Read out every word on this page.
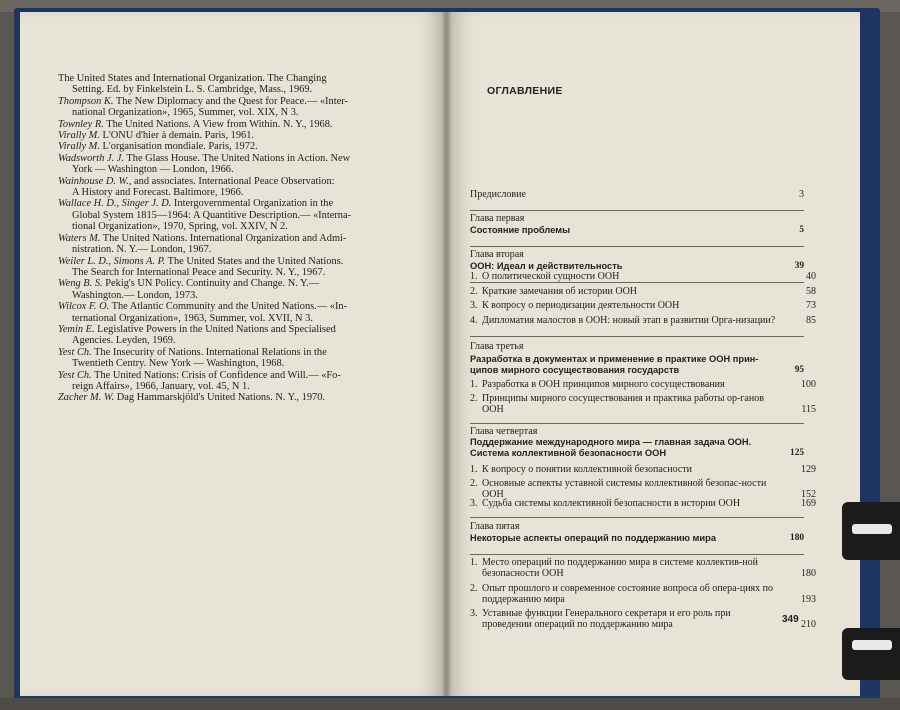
The United States and International Organization. The Changing
Setting. Ed. by Finkelstein L. S. Cambridge, Mass., 1969.

Thompson K. The New Diplomacy and the Quest for Peace.— «Inter-
national Organization», 1965, Summer, vol. XIX, N 3.

Townley R. The United Nations. A View from Within. N. Y., 1968.

Virally M. L'ONU d'hier à demain. Paris, 1961.

Virally M. L'organisation mondiale. Paris, 1972.

Wadsworth J. J. The Glass House. The United Nations in Action. New
York — Washington — London, 1966.

Wainhouse D. W., and associates. International Peace Observation:
A History and Forecast. Baltimore, 1966.

Wallace H. D., Singer J. D. Intergovernmental Organization in the
Global System 1815—1964: A Quantitive Description.— «Interna-
tional Organization», 1970, Spring, vol. XXIV, N 2.

Waters M. The United Nations. International Organization and Admi-
nistration. N. Y.— London, 1967.

Weiler L. D., Simons A. P. The United States and the United Nations.
The Search for International Peace and Security. N. Y., 1967.

Weng B. S. Pekig's UN Policy. Continuity and Change. N. Y.—
Washington.— London, 1973.

Wilcox F. O. The Atlantic Community and the United Nations.— «In-
ternational Organization», 1963, Summer, vol. XVII, N 3.

Yemin E. Legislative Powers in the United Nations and Specialised
Agencies. Leyden, 1969.

Yest Ch. The Insecurity of Nations. International Relations in the
Twentieth Centry. New York — Washington, 1968.

Yest Ch. The United Nations: Crisis of Confidence and Will.— «Fo-
reign Affairs», 1966, January, vol. 45, N 1.

Zacher M. W. Dag Hammarskjöld's United Nations. N. Y., 1970.

ОГЛАВЛЕНИЕ
Предисловие	3
Глава первая
Состояние проблемы	5
Глава вторая
ООН: Идеал и действительность	39
1. О политической сущности ООН	40
2. Краткие замечания об истории ООН	58
3. К вопросу о периодизации деятельности ООН	73
4. Дипломатия малостов в ООН: новый этап в развитии Орга-низации?	85
Глава третья
Разработка в документах и применение в практике ООН прин-ципов мирного сосуществования государств	95
1. Разработка в ООН принципов мирного сосуществования	100
2. Принципы мирного сосуществования и практика работы ор-ганов ООН	115
Глава четвертая
Поддержание международного мира — главная задача ООН. Система коллективной безопасности ООН	125
1. К вопросу о понятии коллективной безопасности	129
2. Основные аспекты уставной системы коллективной безопас-ности ООН	152
3. Судьба системы коллективной безопасности в истории ООН	169
Глава пятая
Некоторые аспекты операций по поддержанию мира	180
1. Место операций по поддержанию мира в системе коллектив-ной безопасности ООН	180
2. Опыт прошлого и современное состояние вопроса об опера-циях по поддержанию мира	193
3. Уставные функции Генерального секретаря и его роль при проведении операций по поддержанию мира	210
349
